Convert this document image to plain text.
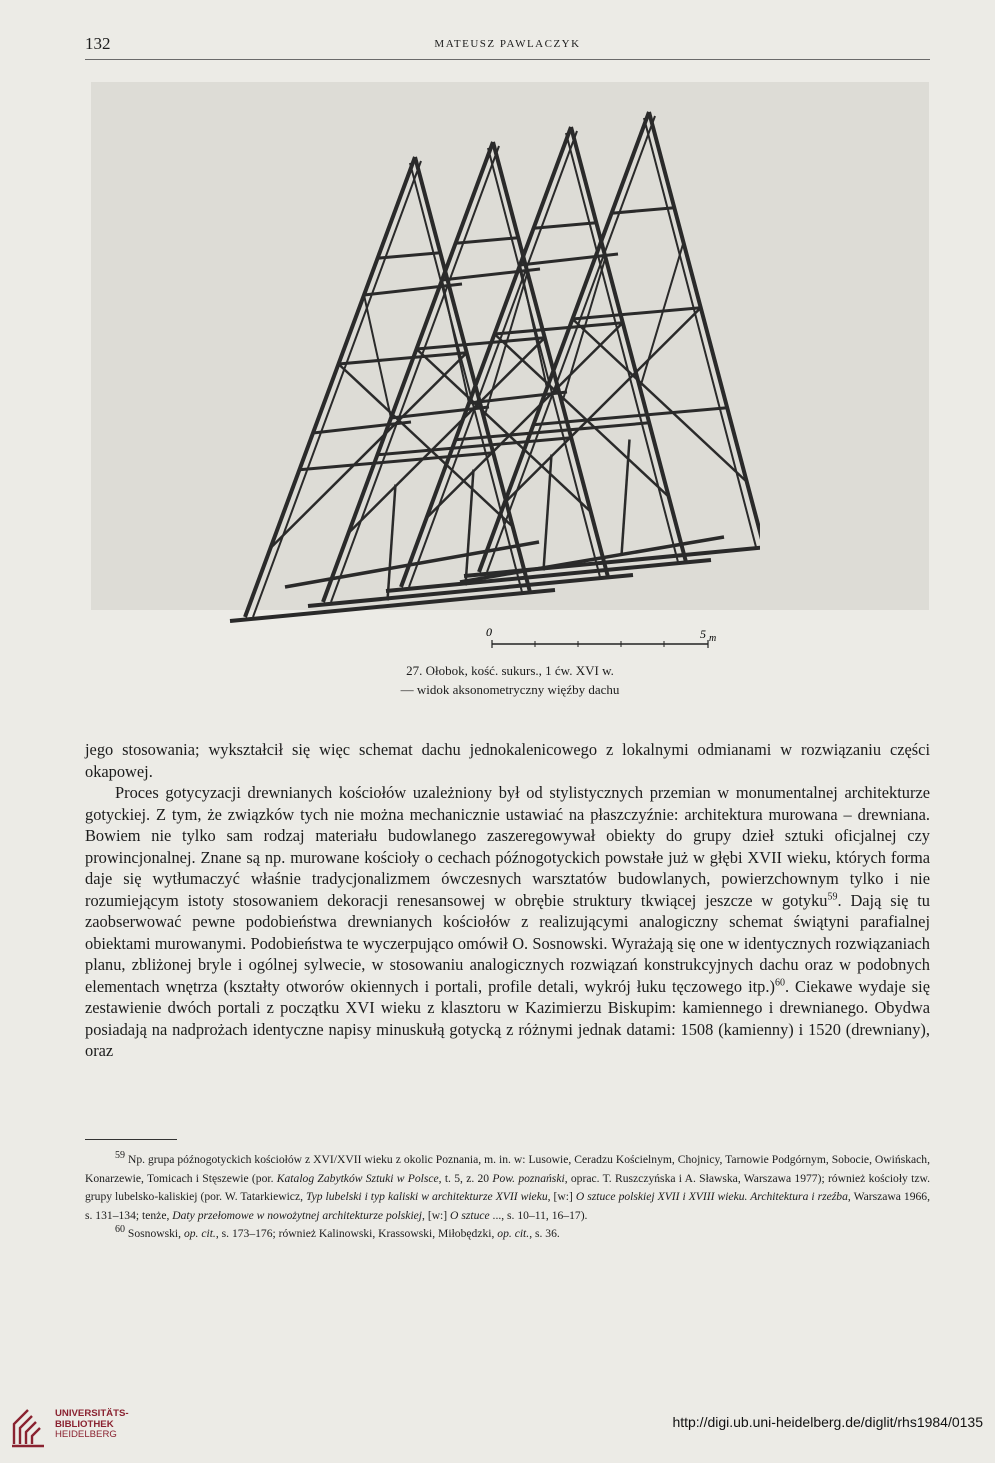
132	MATEUSZ PAWLACZYK
0	5 m
27. Ołobok, kość. sukurs., 1 ćw. XVI w.
— widok aksonometryczny więźby dachu

jego stosowania; wykształcił się więc schemat dachu jednokalenicowego z lokalnymi odmianami w rozwiązaniu części okapowej.

Proces gotycyzacji drewnianych kościołów uzależniony był od stylistycznych przemian w monumentalnej architekturze gotyckiej. Z tym, że związków tych nie można mechanicznie ustawiać na płaszczyźnie: architektura murowana – drewniana. Bowiem nie tylko sam rodzaj materiału budowlanego zaszeregowywał obiekty do grupy dzieł sztuki oficjalnej czy prowincjonalnej. Znane są np. murowane kościoły o cechach późnogotyckich powstałe już w głębi XVII wieku, których forma daje się wytłumaczyć właśnie tradycjonalizmem ówczesnych warsztatów budowlanych, powierzchownym tylko i nie rozumiejącym istoty stosowaniem dekoracji renesansowej w obrębie struktury tkwiącej jeszcze w gotyku$^{59}$. Dają się tu zaobserwować pewne podobieństwa drewnianych kościołów z realizującymi analogiczny schemat świątyni parafialnej obiektami murowanymi. Podobieństwa te wyczerpująco omówił O. Sosnowski. Wyrażają się one w identycznych rozwiązaniach planu, zbliżonej bryle i ogólnej sylwecie, w stosowaniu analogicznych rozwiązań konstrukcyjnych dachu oraz w podobnych elementach wnętrza (kształty otworów okiennych i portali, profile detali, wykrój łuku tęczowego itp.)$^{60}$. Ciekawe wydaje się zestawienie dwóch portali z początku XVI wieku z klasztoru w Kazimierzu Biskupim: kamiennego i drewnianego. Obydwa posiadają na nadprożach identyczne napisy minuskułą gotycką z różnymi jednak datami: 1508 (kamienny) i 1520 (drewniany), oraz

$^{59}$ Np. grupa późnogotyckich kościołów z XVI/XVII wieku z okolic Poznania, m. in. w: Lusowie, Ceradzu Kościelnym, Chojnicy, Tarnowie Podgórnym, Sobocie, Owińskach, Konarzewie, Tomicach i Stęszewie (por. Katalog Zabytków Sztuki w Polsce, t. 5, z. 20 Pow. poznański, oprac. T. Ruszczyńska i A. Sławska, Warszawa 1977); również kościoły tzw. grupy lubelsko-kaliskiej (por. W. Tatarkiewicz, Typ lubelski i typ kaliski w architekturze XVII wieku, [w:] O sztuce polskiej XVII i XVIII wieku. Architektura i rzeźba, Warszawa 1966, s. 131–134; tenże, Daty przełomowe w nowożytnej architekturze polskiej, [w:] O sztuce ..., s. 10–11, 16–17).

$^{60}$ Sosnowski, op. cit., s. 173–176; również Kalinowski, Krassowski, Miłobędzki, op. cit., s. 36.

UNIVERSITÄTS-
BIBLIOTHEK
HEIDELBERG
http://digi.ub.uni-heidelberg.de/diglit/rhs1984/0135
